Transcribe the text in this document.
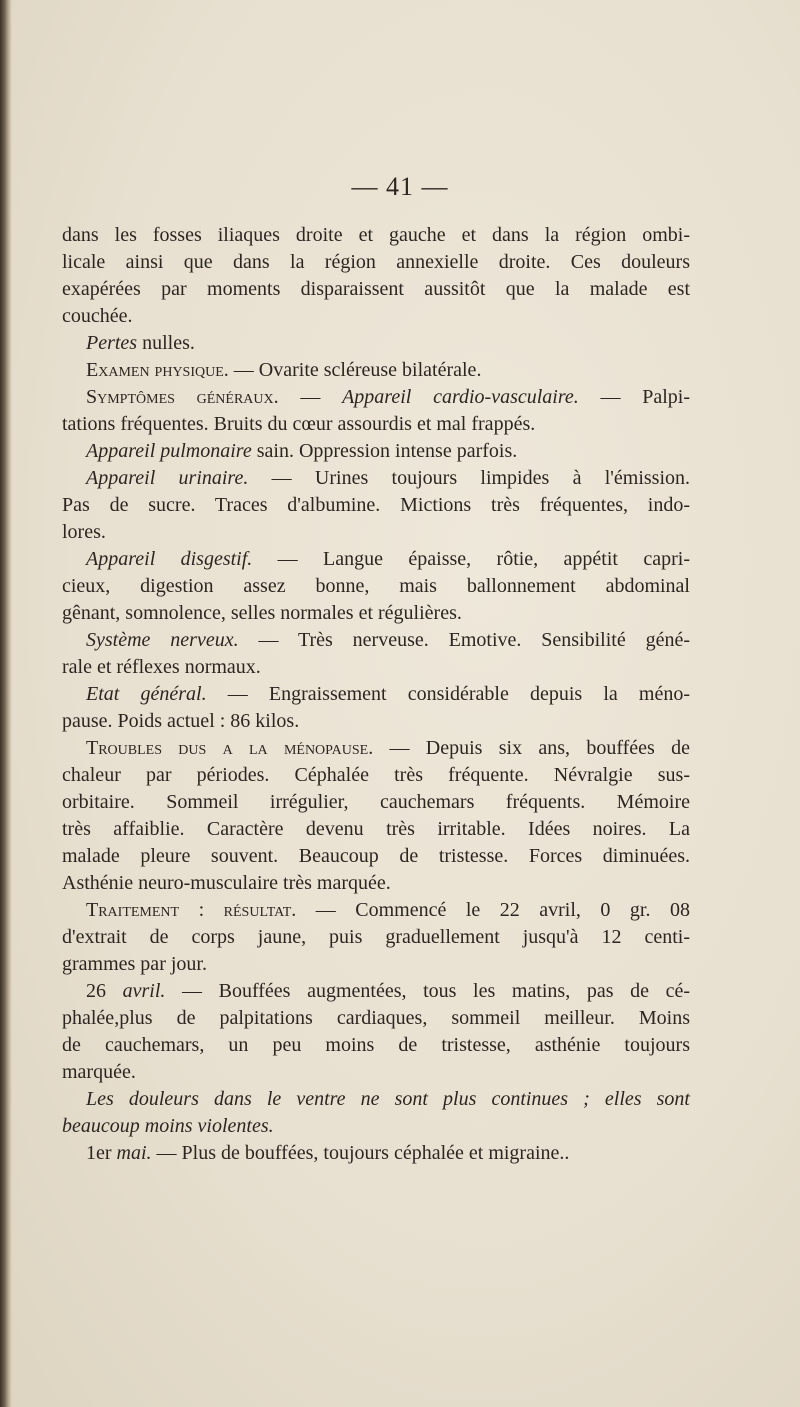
— 41 —
dans les fosses iliaques droite et gauche et dans la région ombi-
licale ainsi que dans la région annexielle droite. Ces douleurs
exapérées par moments disparaissent aussitôt que la malade est
couchée.
Pertes nulles.
Examen physique. — Ovarite scléreuse bilatérale.
Symptômes généraux. — Appareil cardio-vasculaire. — Palpi-
tations fréquentes. Bruits du cœur assourdis et mal frappés.
Appareil pulmonaire sain. Oppression intense parfois.
Appareil urinaire. — Urines toujours limpides à l'émission.
Pas de sucre. Traces d'albumine. Mictions très fréquentes, indo-
lores.
Appareil disgestif. — Langue épaisse, rôtie, appétit capri-
cieux, digestion assez bonne, mais ballonnement abdominal
gênant, somnolence, selles normales et régulières.
Système nerveux. — Très nerveuse. Emotive. Sensibilité géné-
rale et réflexes normaux.
Etat général. — Engraissement considérable depuis la méno-
pause. Poids actuel : 86 kilos.
Troubles dus a la ménopause. — Depuis six ans, bouffées de
chaleur par périodes. Céphalée très fréquente. Névralgie sus-
orbitaire. Sommeil irrégulier, cauchemars fréquents. Mémoire
très affaiblie. Caractère devenu très irritable. Idées noires. La
malade pleure souvent. Beaucoup de tristesse. Forces diminuées.
Asthénie neuro-musculaire très marquée.
Traitement : résultat. — Commencé le 22 avril, 0 gr. 08
d'extrait de corps jaune, puis graduellement jusqu'à 12 centi-
grammes par jour.
26 avril. — Bouffées augmentées, tous les matins, pas de cé-
phalée,plus de palpitations cardiaques, sommeil meilleur. Moins
de cauchemars, un peu moins de tristesse, asthénie toujours
marquée.
Les douleurs dans le ventre ne sont plus continues ; elles sont
beaucoup moins violentes.
1er mai. — Plus de bouffées, toujours céphalée et migraine..
